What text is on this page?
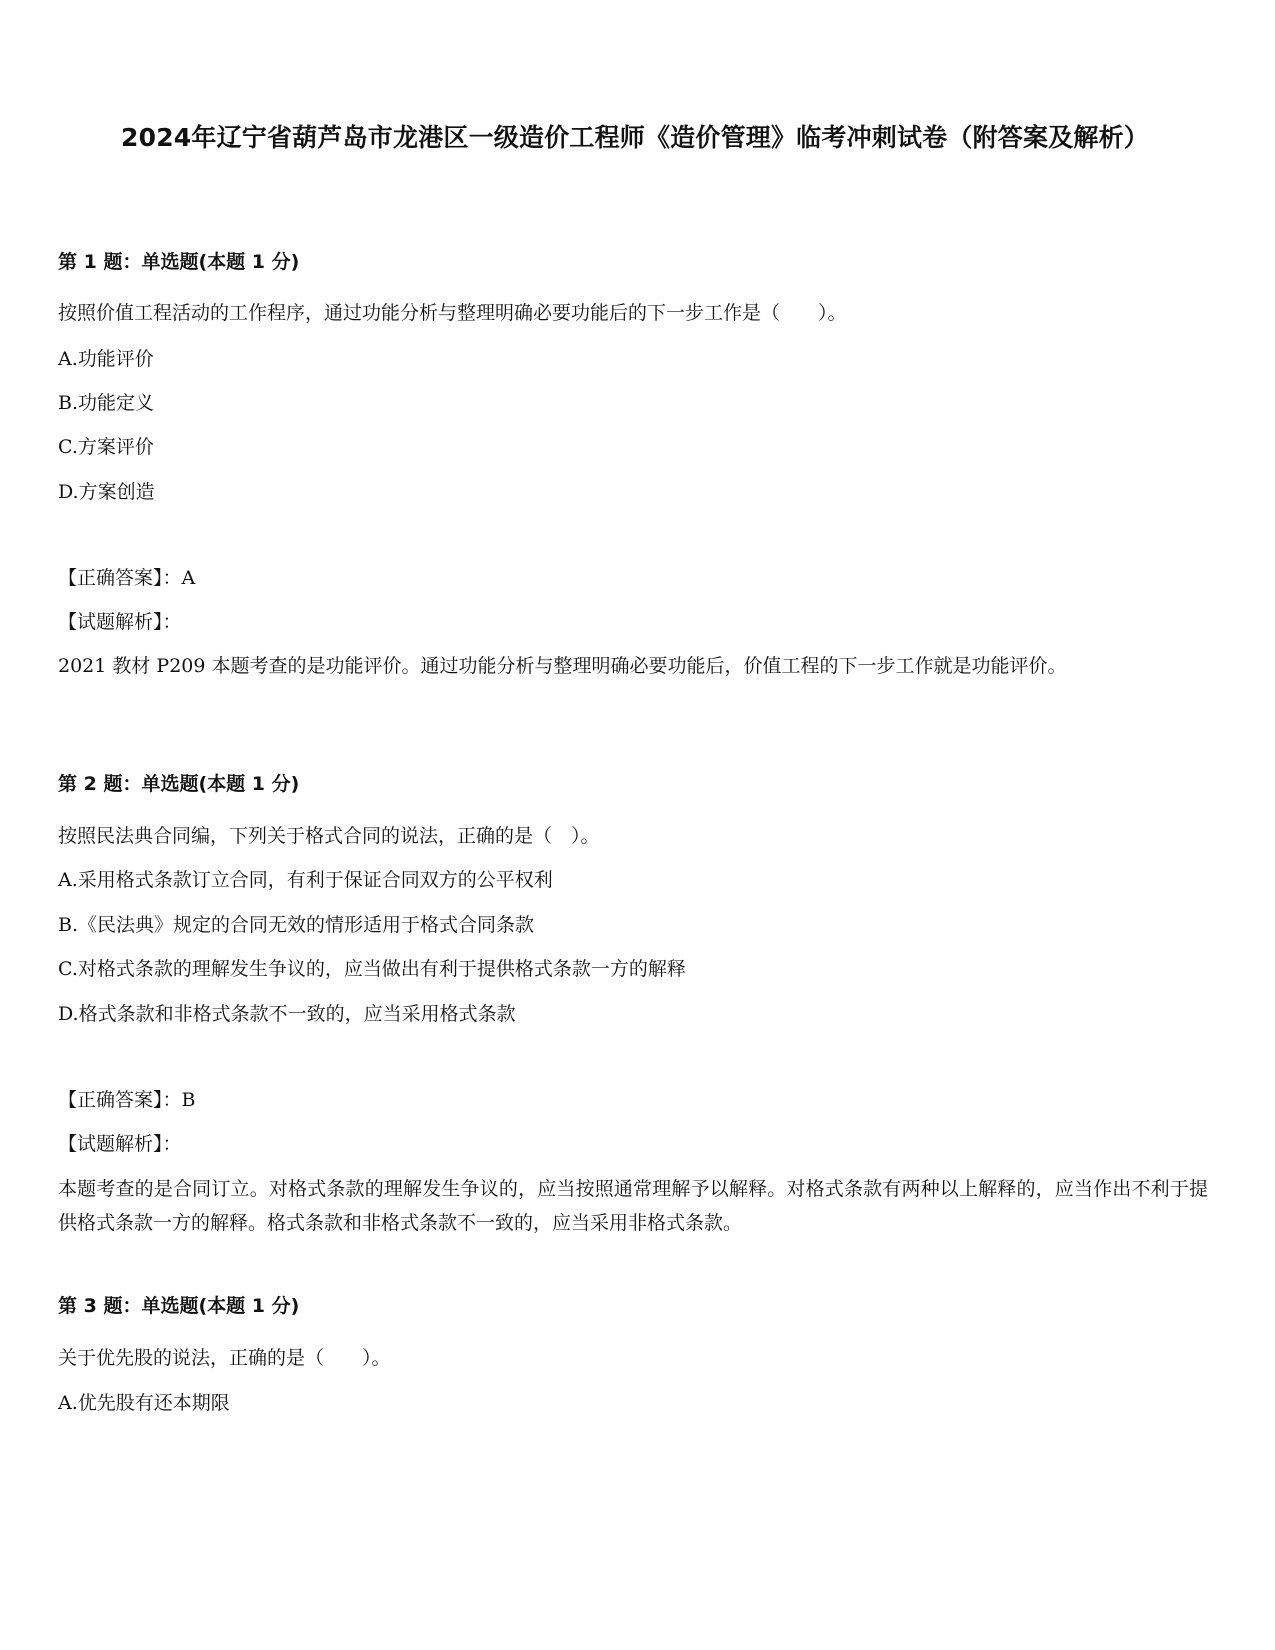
2024年辽宁省葫芦岛市龙港区一级造价工程师《造价管理》临考冲刺试卷（附答案及解析）
第 1 题：单选题(本题 1 分)
按照价值工程活动的工作程序，通过功能分析与整理明确必要功能后的下一步工作是（　　）。
A.功能评价
B.功能定义
C.方案评价
D.方案创造
【正确答案】：A
【试题解析】：
2021 教材 P209 本题考查的是功能评价。通过功能分析与整理明确必要功能后，价值工程的下一步工作就是功能评价。
第 2 题：单选题(本题 1 分)
按照民法典合同编，下列关于格式合同的说法，正确的是（　）。
A.采用格式条款订立合同，有利于保证合同双方的公平权利
B.《民法典》规定的合同无效的情形适用于格式合同条款
C.对格式条款的理解发生争议的，应当做出有利于提供格式条款一方的解释
D.格式条款和非格式条款不一致的，应当采用格式条款
【正确答案】：B
【试题解析】：
本题考查的是合同订立。对格式条款的理解发生争议的，应当按照通常理解予以解释。对格式条款有两种以上解释的，应当作出不利于提供格式条款一方的解释。格式条款和非格式条款不一致的，应当采用非格式条款。
第 3 题：单选题(本题 1 分)
关于优先股的说法，正确的是（　　）。
A.优先股有还本期限
